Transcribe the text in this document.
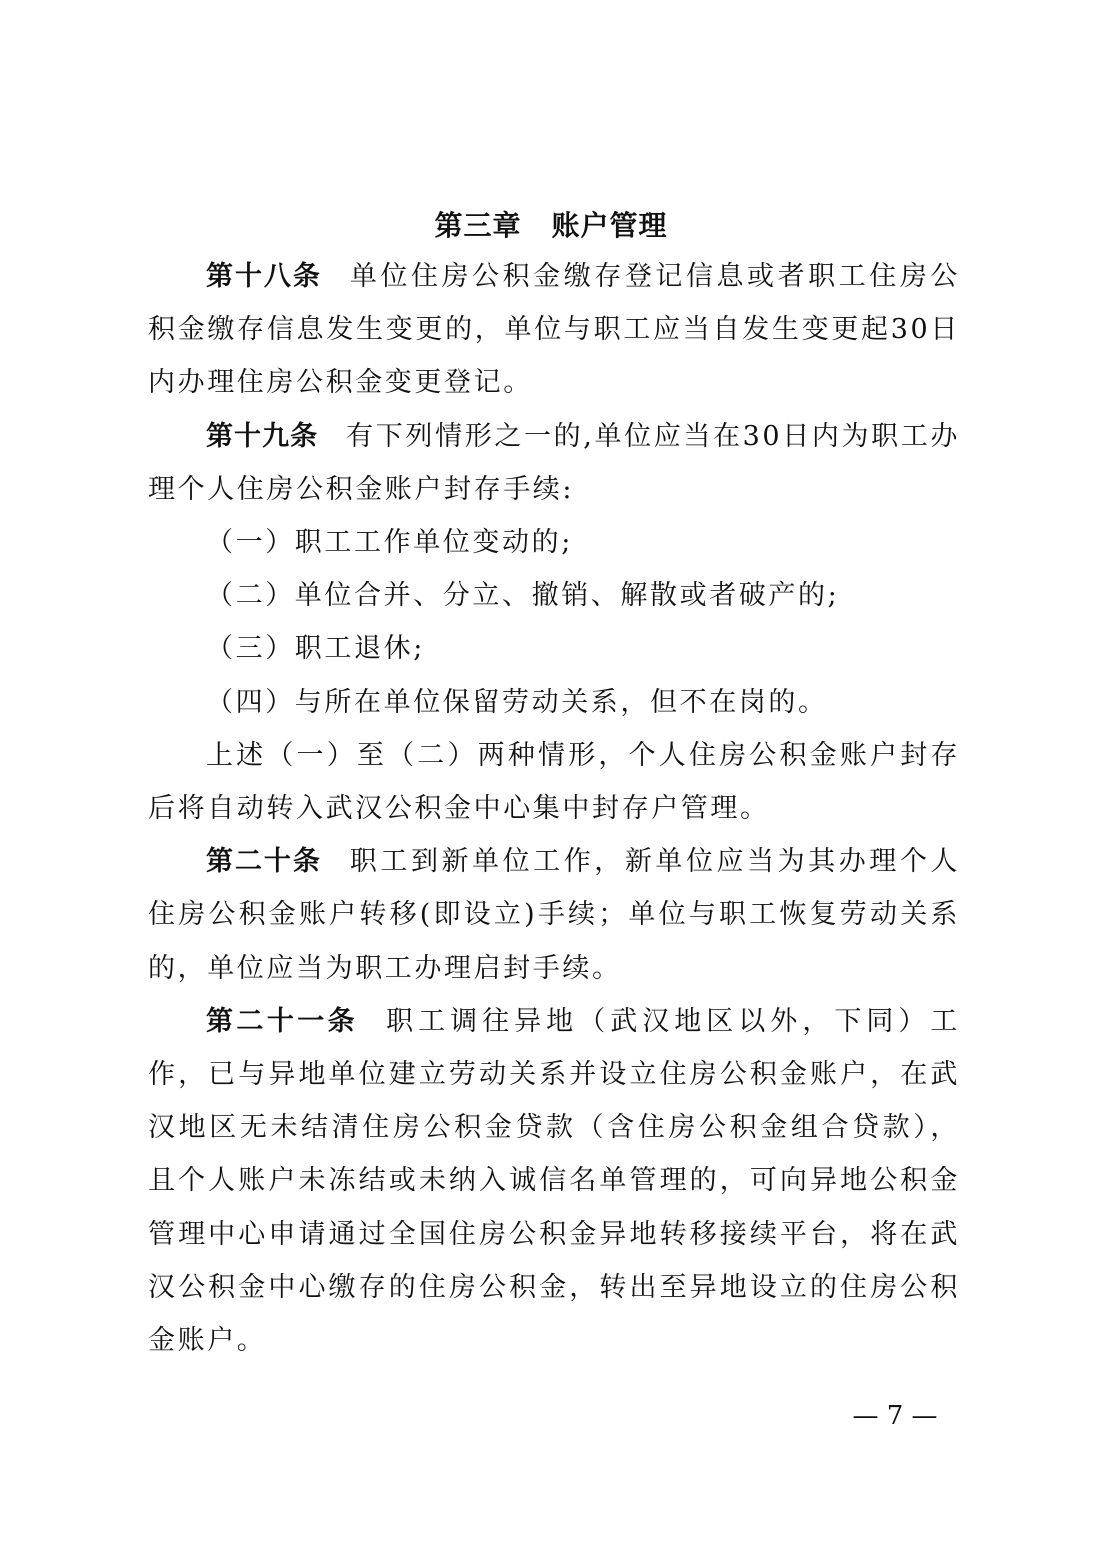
第三章 账户管理

第十八条 单位住房公积金缴存登记信息或者职工住房公积金缴存信息发生变更的，单位与职工应当自发生变更起30日内办理住房公积金变更登记。

第十九条 有下列情形之一的,单位应当在30日内为职工办理个人住房公积金账户封存手续:

（一）职工工作单位变动的;

（二）单位合并、分立、撤销、解散或者破产的;

（三）职工退休;

（四）与所在单位保留劳动关系，但不在岗的。

上述（一）至（二）两种情形，个人住房公积金账户封存后将自动转入武汉公积金中心集中封存户管理。

第二十条 职工到新单位工作，新单位应当为其办理个人住房公积金账户转移(即设立)手续；单位与职工恢复劳动关系的，单位应当为职工办理启封手续。

第二十一条 职工调往异地（武汉地区以外，下同）工作，已与异地单位建立劳动关系并设立住房公积金账户，在武汉地区无未结清住房公积金贷款（含住房公积金组合贷款），且个人账户未冻结或未纳入诚信名单管理的，可向异地公积金管理中心申请通过全国住房公积金异地转移接续平台，将在武汉公积金中心缴存的住房公积金，转出至异地设立的住房公积金账户。

— 7 —
